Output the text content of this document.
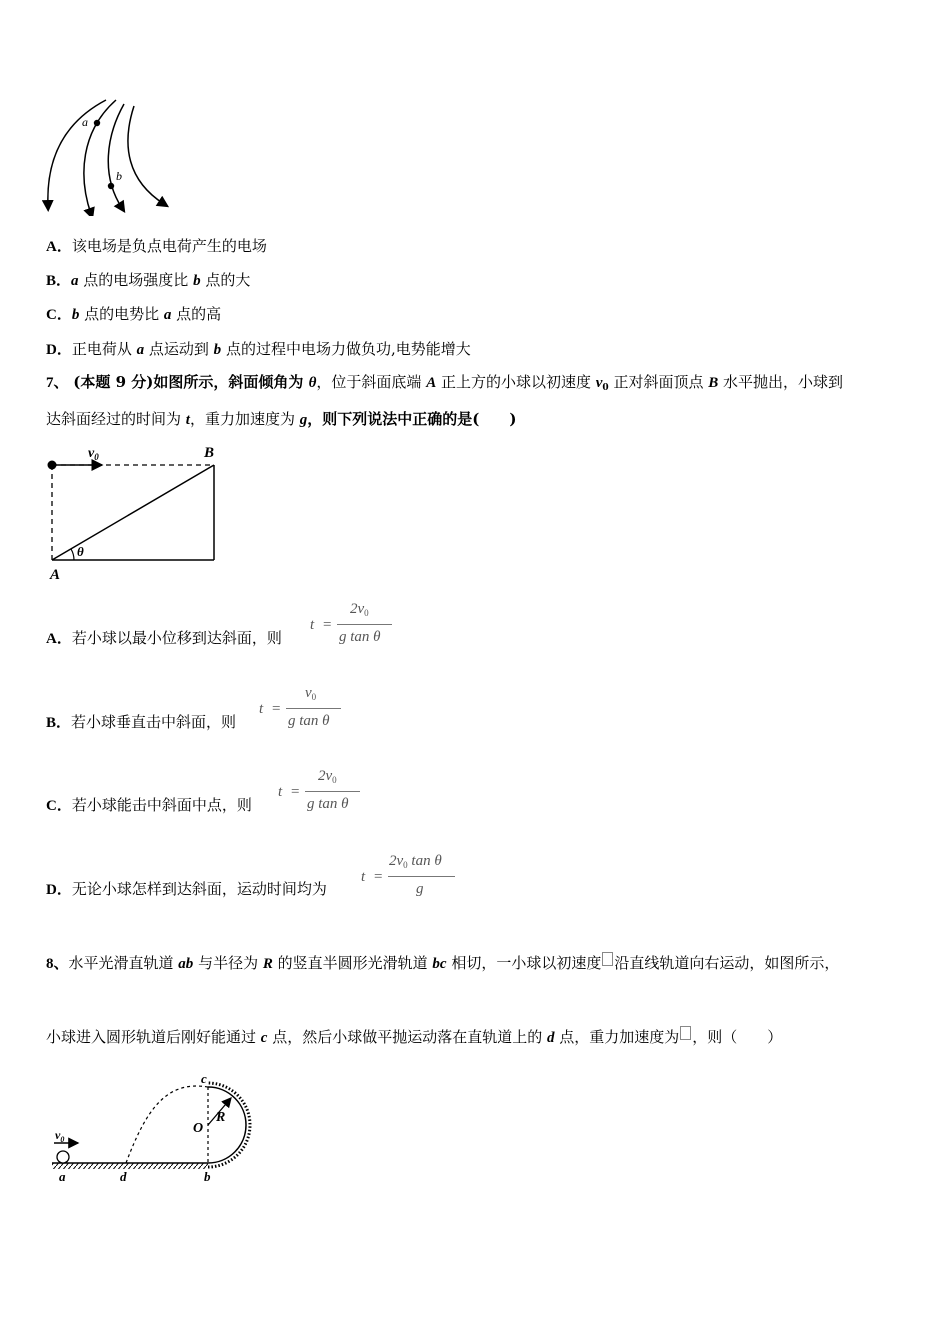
a
b
A．该电场是负点电荷产生的电场
B．a 点的电场强度比 b 点的大
C．b 点的电势比 a 点的高
D．正电荷从 a 点运动到 b 点的过程中电场力做负功,电势能增大
7、 (本题 9 分)如图所示，斜面倾角为 θ，位于斜面底端 A 正上方的小球以初速度 $v_0$ 正对斜面顶点 B 水平抛出，小球到
达斜面经过的时间为 t，重力加速度为 g，则下列说法中正确的是(　　)
$v_0$	B
A
θ
A．若小球以最小位移到达斜面，则
t =
$2v_0$
g tan θ
B．若小球垂直击中斜面，则
t =
$v_0$
g tan θ
C．若小球能击中斜面中点，则
t =
$2v_0$
g tan θ
D．无论小球怎样到达斜面，运动时间均为
t =
$2v_0$ tan θ
g
8、水平光滑直轨道 ab 与半径为 R 的竖直半圆形光滑轨道 bc 相切，一小球以初速度 沿直线轨道向右运动，如图所示，
小球进入圆形轨道后刚好能通过 c 点，然后小球做平抛运动落在直轨道上的 d 点，重力加速度为 ，则（　　）
$v_0$
c
R
O
a	d	b
